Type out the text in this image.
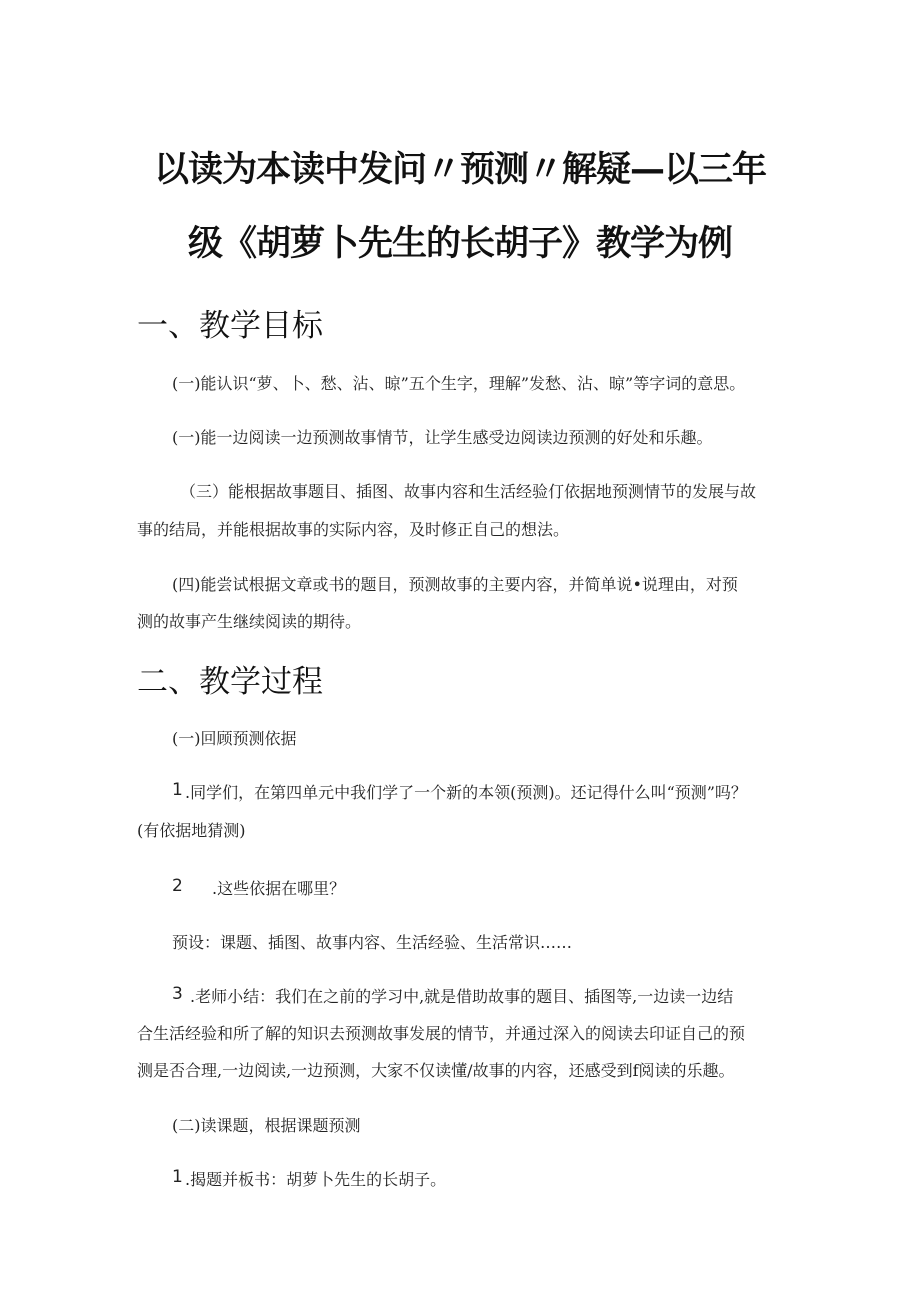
以读为本读中发问〃预测〃解疑—以三年
级《胡萝卜先生的长胡子》教学为例
一、教学目标
(一)能认识“萝、卜、愁、沾、晾”五个生字，理解”发愁、沾、晾”等字词的意思。
(一)能一边阅读一边预测故事情节，让学生感受边阅读边预测的好处和乐趣。
（三）能根据故事题目、插图、故事内容和生活经验仃依据地预测情节的发展与故
事的结局，并能根据故事的实际内容，及时修正自己的想法。
(四)能尝试根据文章或书的题目，预测故事的主要内容，并简单说•说理由，对预
测的故事产生继续阅读的期待。
二、教学过程
(一)回顾预测依据
1 .同学们，在第四单元中我们学了一个新的本领(预测)。还记得什么叫“预测”吗？
(有依据地猜测)
2 .这些依据在哪里？
预设：课题、插图、故事内容、生活经验、生活常识……
3 .老师小结：我们在之前的学习中,就是借助故事的题目、插图等,一边读一边结
合生活经验和所了解的知识去预测故事发展的情节，并通过深入的阅读去印证自己的预
测是否合理,一边阅读,一边预测，大家不仅读懂/故事的内容，还感受到f阅读的乐趣。
(二)读课题，根据课题预测
1 .揭题并板书：胡萝卜先生的长胡子。
